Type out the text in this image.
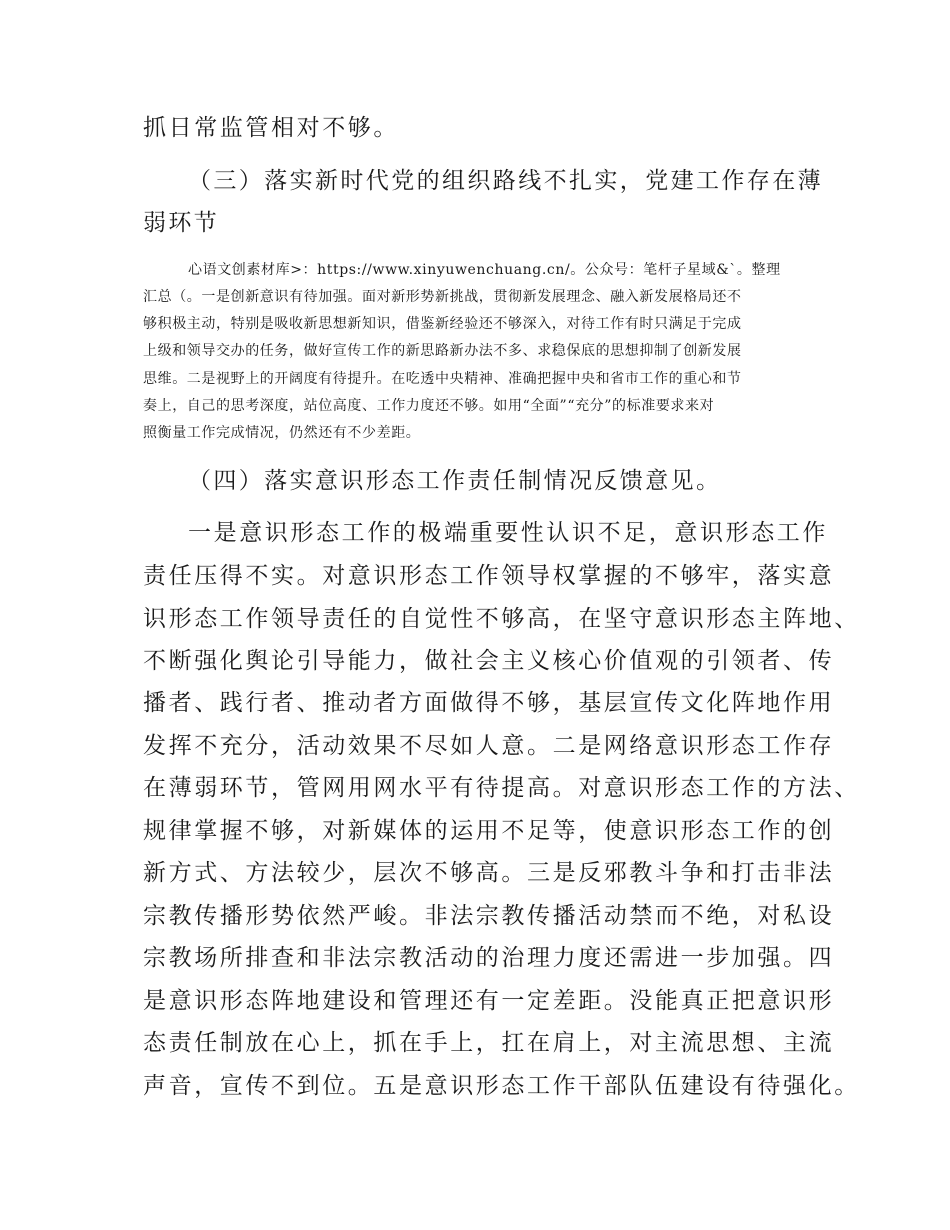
抓日常监管相对不够。
（三）落实新时代党的组织路线不扎实，党建工作存在薄
弱环节
心语文创素材库>：https://www.xinyuwenchuang.cn/。公众号：笔杆子星域&`。整理
汇总（。一是创新意识有待加强。面对新形势新挑战，贯彻新发展理念、融入新发展格局还不
够积极主动，特别是吸收新思想新知识，借鉴新经验还不够深入，对待工作有时只满足于完成
上级和领导交办的任务，做好宣传工作的新思路新办法不多、求稳保底的思想抑制了创新发展
思维。二是视野上的开阔度有待提升。在吃透中央精神、准确把握中央和省市工作的重心和节
奏上，自己的思考深度，站位高度、工作力度还不够。如用“全面”“充分”的标准要求来对
照衡量工作完成情况，仍然还有不少差距。
（四）落实意识形态工作责任制情况反馈意见。
一是意识形态工作的极端重要性认识不足，意识形态工作
责任压得不实。对意识形态工作领导权掌握的不够牢，落实意
识形态工作领导责任的自觉性不够高，在坚守意识形态主阵地、
不断强化舆论引导能力，做社会主义核心价值观的引领者、传
播者、践行者、推动者方面做得不够，基层宣传文化阵地作用
发挥不充分，活动效果不尽如人意。二是网络意识形态工作存
在薄弱环节，管网用网水平有待提高。对意识形态工作的方法、
规律掌握不够，对新媒体的运用不足等，使意识形态工作的创
新方式、方法较少，层次不够高。三是反邪教斗争和打击非法
宗教传播形势依然严峻。非法宗教传播活动禁而不绝，对私设
宗教场所排查和非法宗教活动的治理力度还需进一步加强。四
是意识形态阵地建设和管理还有一定差距。没能真正把意识形
态责任制放在心上，抓在手上，扛在肩上，对主流思想、主流
声音，宣传不到位。五是意识形态工作干部队伍建设有待强化。
